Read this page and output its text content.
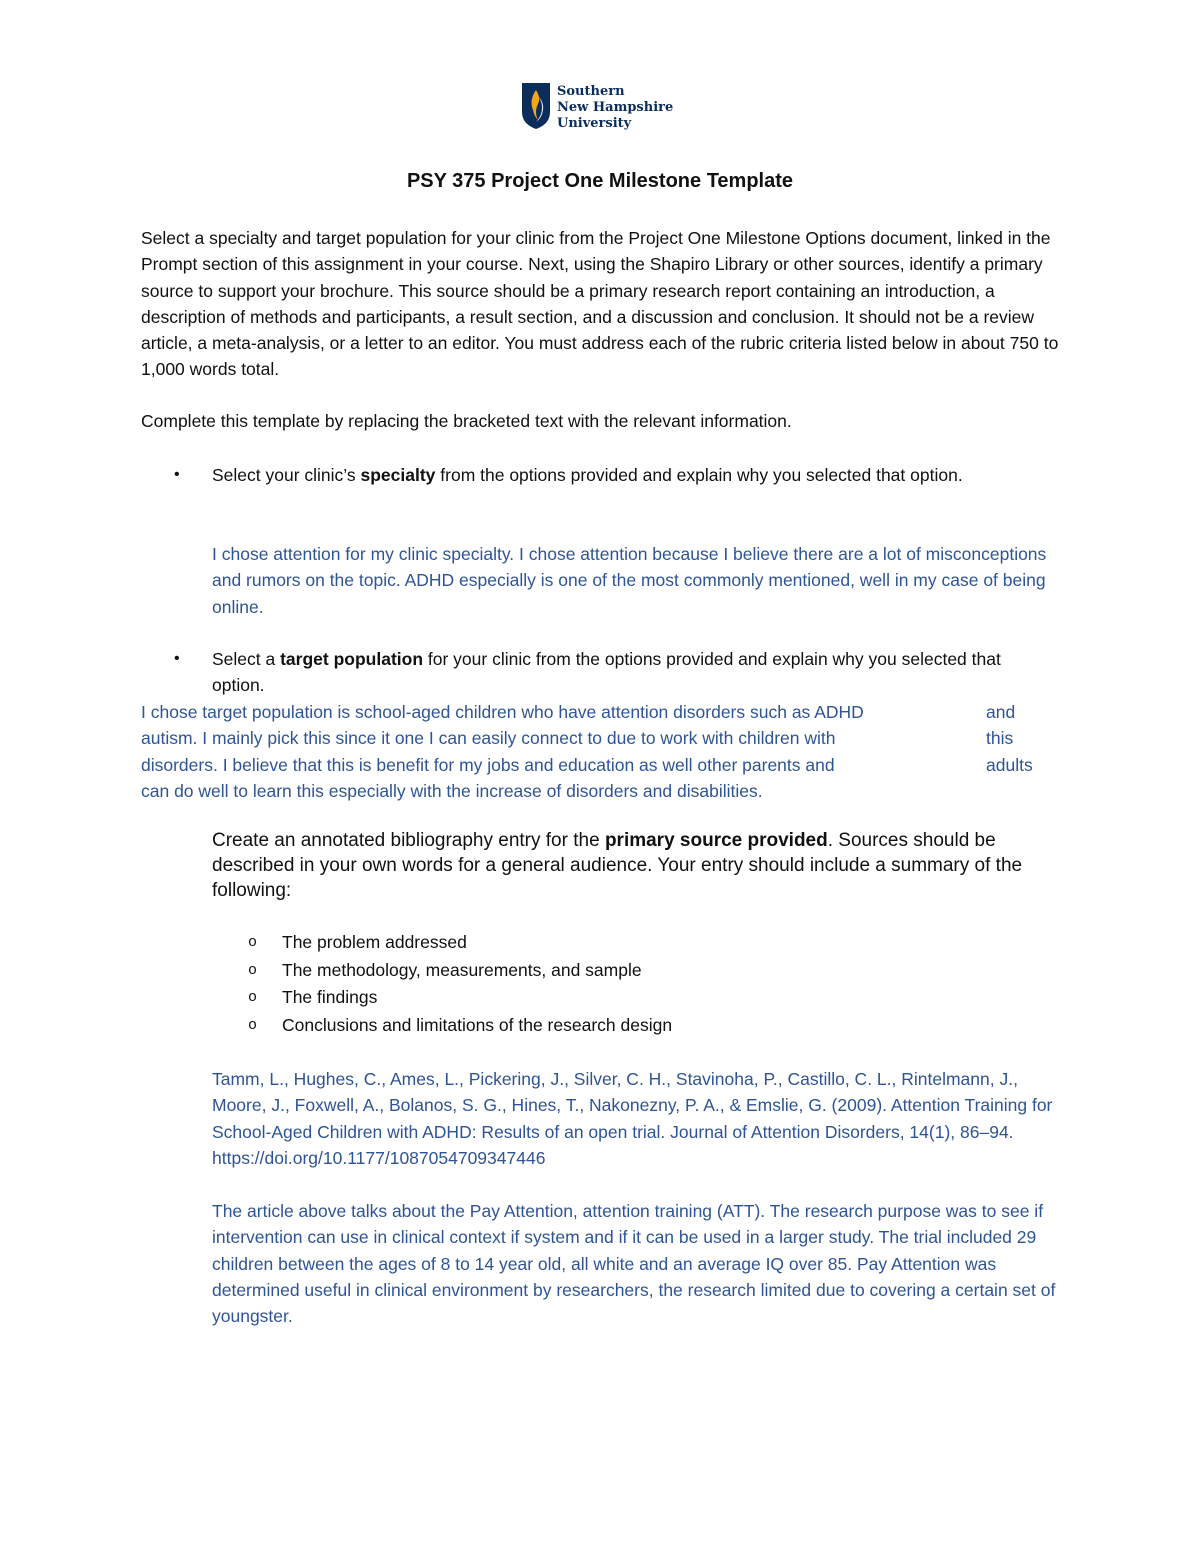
Southern
New Hampshire
University
PSY 375 Project One Milestone Template
Select a specialty and target population for your clinic from the Project One Milestone Options document, linked in the Prompt section of this assignment in your course. Next, using the Shapiro Library or other sources, identify a primary source to support your brochure. This source should be a primary research report containing an introduction, a description of methods and participants, a result section, and a discussion and conclusion. It should not be a review article, a meta-analysis, or a letter to an editor. You must address each of the rubric criteria listed below in about 750 to 1,000 words total.
Complete this template by replacing the bracketed text with the relevant information.
• Select your clinic’s specialty from the options provided and explain why you selected that option.
I chose attention for my clinic specialty. I chose attention because I believe there are a lot of misconceptions and rumors on the topic. ADHD especially is one of the most commonly mentioned, well in my case of being online.
• Select a target population for your clinic from the options provided and explain why you selected that option.
I chose target population is school-aged children who have attention disorders such as ADHD	and
autism. I mainly pick this since it one I can easily connect to due to work with children with	this
disorders. I believe that this is benefit for my jobs and education as well other parents and	adults
can do well to learn this especially with the increase of disorders and disabilities.
Create an annotated bibliography entry for the primary source provided. Sources should be described in your own words for a general audience. Your entry should include a summary of the following:
o The problem addressed
o The methodology, measurements, and sample
o The findings
o Conclusions and limitations of the research design
Tamm, L., Hughes, C., Ames, L., Pickering, J., Silver, C. H., Stavinoha, P., Castillo, C. L., Rintelmann, J., Moore, J., Foxwell, A., Bolanos, S. G., Hines, T., Nakonezny, P. A., & Emslie, G. (2009). Attention Training for School-Aged Children with ADHD: Results of an open trial. Journal of Attention Disorders, 14(1), 86–94. https://doi.org/10.1177/1087054709347446
The article above talks about the Pay Attention, attention training (ATT). The research purpose was to see if intervention can use in clinical context if system and if it can be used in a larger study. The trial included 29 children between the ages of 8 to 14 year old, all white and an average IQ over 85. Pay Attention was determined useful in clinical environment by researchers, the research limited due to covering a certain set of youngster.
